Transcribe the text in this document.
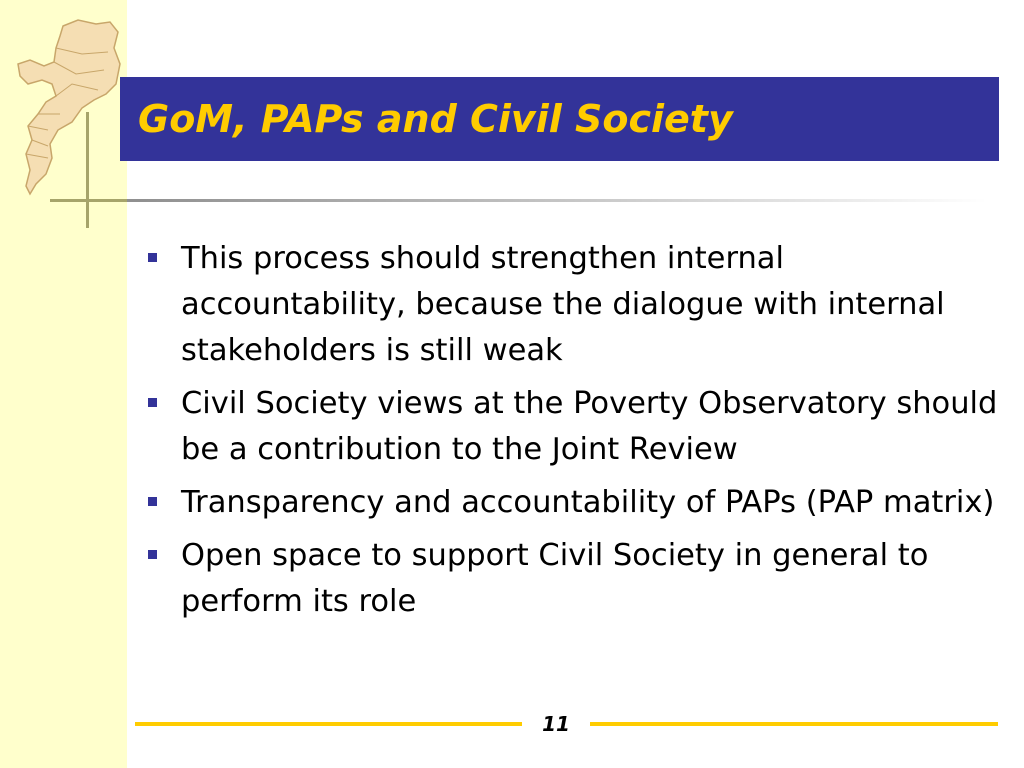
GoM, PAPs and Civil Society
This process should strengthen internal accountability, because the dialogue with internal stakeholders is still weak
Civil Society views at the Poverty Observatory should be a contribution to the Joint Review
Transparency and accountability of PAPs (PAP matrix)
Open space to support Civil Society in general to perform its role
11
